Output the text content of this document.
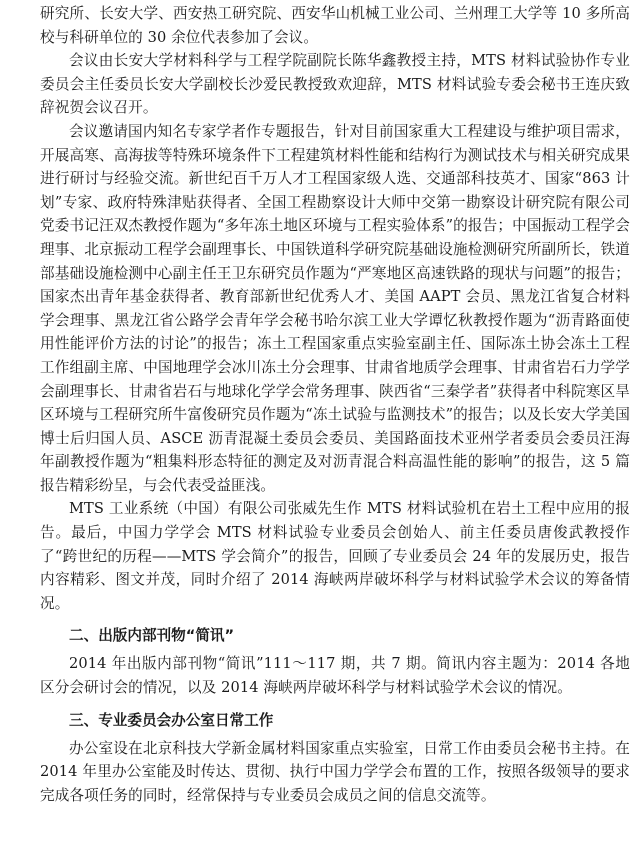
研究所、长安大学、西安热工研究院、西安华山机械工业公司、兰州理工大学等 10 多所高校与科研单位的 30 余位代表参加了会议。

会议由长安大学材料科学与工程学院副院长陈华鑫教授主持，MTS 材料试验协作专业委员会主任委员长安大学副校长沙爱民教授致欢迎辞，MTS 材料试验专委会秘书王连庆致辞祝贺会议召开。

会议邀请国内知名专家学者作专题报告，针对目前国家重大工程建设与维护项目需求，开展高寒、高海拔等特殊环境条件下工程建筑材料性能和结构行为测试技术与相关研究成果进行研讨与经验交流。新世纪百千万人才工程国家级人选、交通部科技英才、国家“863 计划”专家、政府特殊津贴获得者、全国工程勘察设计大师中交第一勘察设计研究院有限公司党委书记汪双杰教授作题为“多年冻土地区环境与工程实验体系”的报告；中国振动工程学会理事、北京振动工程学会副理事长、中国铁道科学研究院基础设施检测研究所副所长，铁道部基础设施检测中心副主任王卫东研究员作题为“严寒地区高速铁路的现状与问题”的报告；国家杰出青年基金获得者、教育部新世纪优秀人才、美国 AAPT 会员、黑龙江省复合材料学会理事、黑龙江省公路学会青年学会秘书哈尔滨工业大学谭忆秋教授作题为“沥青路面使用性能评价方法的讨论”的报告；冻土工程国家重点实验室副主任、国际冻土协会冻土工程工作组副主席、中国地理学会冰川冻土分会理事、甘肃省地质学会理事、甘肃省岩石力学学会副理事长、甘肃省岩石与地球化学学会常务理事、陕西省“三秦学者”获得者中科院寒区旱区环境与工程研究所牛富俊研究员作题为“冻土试验与监测技术”的报告；以及长安大学美国博士后归国人员、ASCE 沥青混凝土委员会委员、美国路面技术亚州学者委员会委员汪海年副教授作题为“粗集料形态特征的测定及对沥青混合料高温性能的影响”的报告，这 5 篇报告精彩纷呈，与会代表受益匪浅。

MTS 工业系统（中国）有限公司张威先生作 MTS 材料试验机在岩土工程中应用的报告。最后，中国力学学会 MTS 材料试验专业委员会创始人、前主任委员唐俊武教授作了“跨世纪的历程——MTS 学会简介”的报告，回顾了专业委员会 24 年的发展历史，报告内容精彩、图文并茂，同时介绍了 2014 海峡两岸破坏科学与材料试验学术会议的筹备情况。

二、出版内部刊物“简讯”

2014 年出版内部刊物“简讯”111～117 期，共 7 期。简讯内容主题为：2014 各地区分会研讨会的情况，以及 2014 海峡两岸破坏科学与材料试验学术会议的情况。

三、专业委员会办公室日常工作

办公室设在北京科技大学新金属材料国家重点实验室，日常工作由委员会秘书主持。在 2014 年里办公室能及时传达、贯彻、执行中国力学学会布置的工作，按照各级领导的要求完成各项任务的同时，经常保持与专业委员会成员之间的信息交流等。
